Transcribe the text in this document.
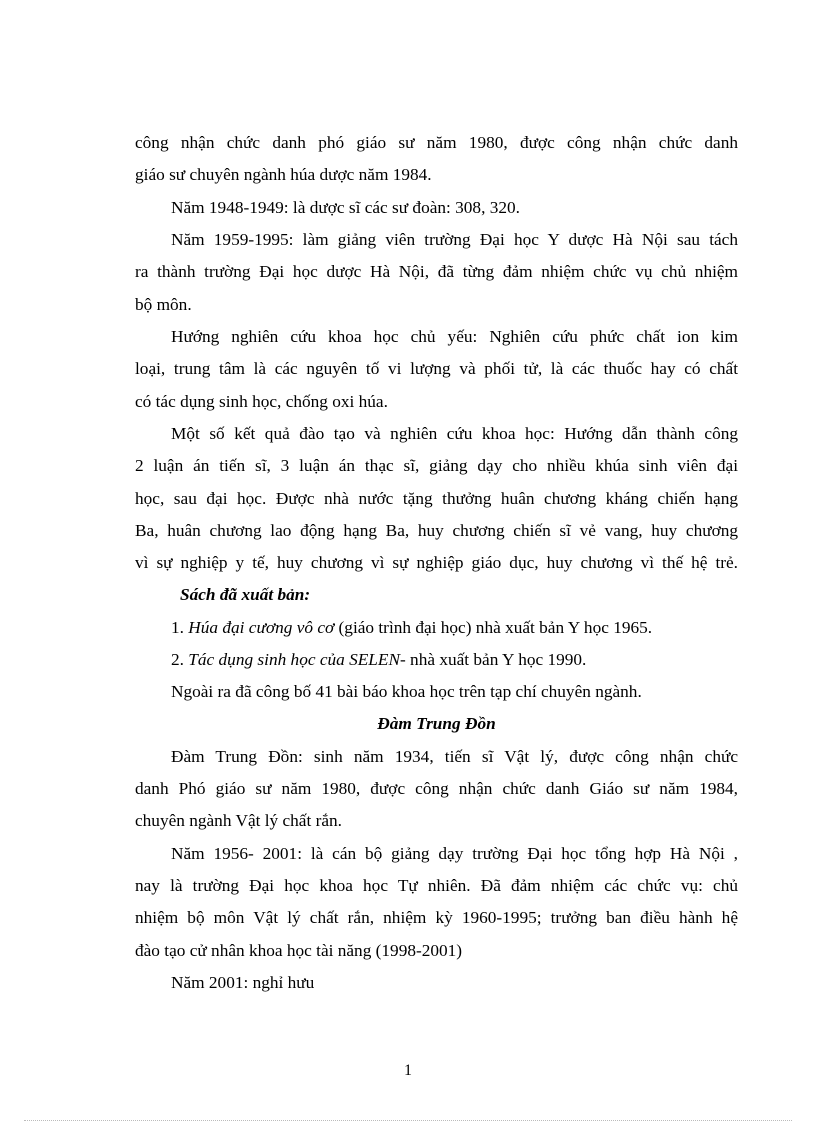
công nhận chức danh phó giáo sư năm 1980, được công nhận chức danh
giáo sư chuyên ngành húa dược năm 1984.
Năm 1948-1949: là dược sĩ các sư đoàn: 308, 320.
Năm 1959-1995: làm giảng viên trường Đại học Y dược Hà Nội sau tách
ra thành trường Đại học dược Hà Nội, đã từng đảm nhiệm chức vụ chủ nhiệm
bộ môn.
Hướng nghiên cứu khoa học chủ yếu: Nghiên cứu phức chất ion kim
loại, trung tâm là các nguyên tố vi lượng và phối tử, là các thuốc hay có chất
có tác dụng sinh học, chống oxi húa.
Một số kết quả đào tạo và nghiên cứu khoa học: Hướng dẫn thành công
2 luận án tiến sĩ, 3 luận án thạc sĩ, giảng dạy cho nhiều khúa sinh viên đại
học, sau đại học. Được nhà nước tặng thưởng huân chương kháng chiến hạng
Ba, huân chương lao động hạng Ba, huy chương chiến sĩ vẻ vang, huy chương
vì sự nghiệp y tế, huy chương vì sự nghiệp giáo dục, huy chương vì thế hệ trẻ.
Sách đã xuất bản:
1. Húa đại cương vô cơ (giáo trình đại học) nhà xuất bản Y học 1965.
2. Tác dụng sinh học của SELEN- nhà xuất bản Y học 1990.
Ngoài ra đã công bố 41 bài báo khoa học trên tạp chí chuyên ngành.
Đàm Trung Đồn
Đàm Trung Đồn: sinh năm 1934, tiến sĩ Vật lý, được công nhận chức
danh Phó giáo sư năm 1980, được công nhận chức danh Giáo sư năm 1984,
chuyên ngành Vật lý chất rắn.
Năm 1956- 2001: là cán bộ giảng dạy trường Đại học tổng hợp Hà Nội ,
nay là trường Đại học khoa học Tự nhiên. Đã đảm nhiệm các chức vụ: chủ
nhiệm bộ môn Vật lý chất rắn, nhiệm kỳ 1960-1995; trưởng ban điều hành hệ
đào tạo cử nhân khoa học tài năng (1998-2001)
Năm 2001: nghỉ hưu
1
